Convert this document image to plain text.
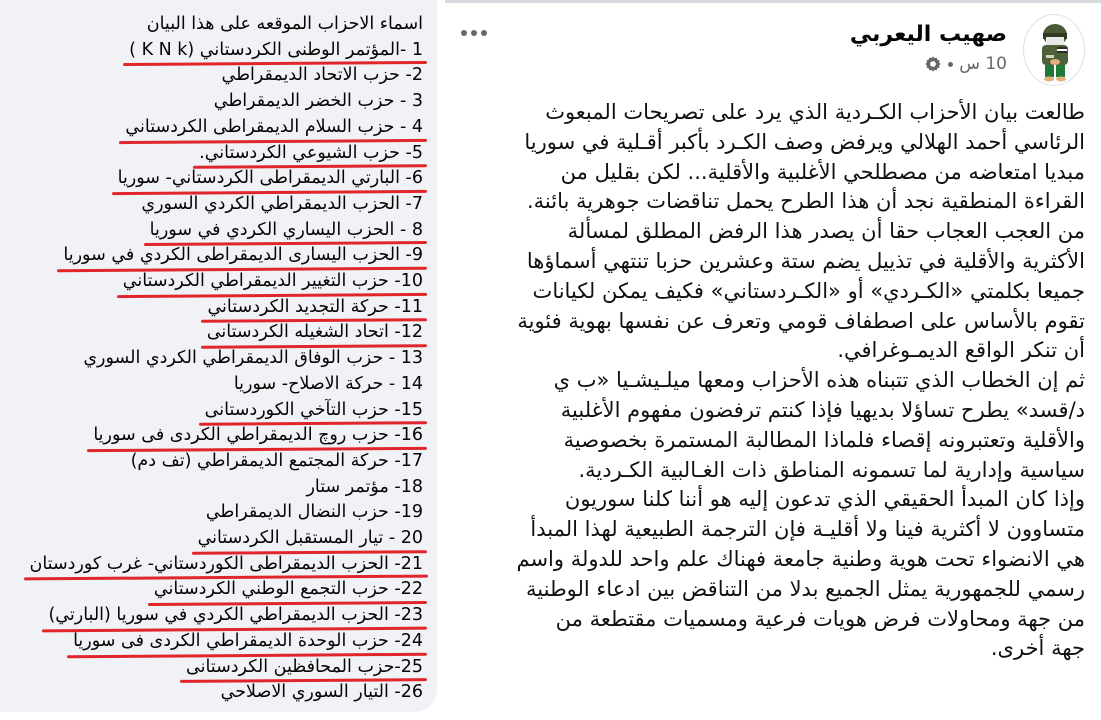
اسماء الاحزاب الموقعه على هذا البيان
1 -المؤتمر الوطنى الكردستاني (K N k )
2- حزب الاتحاد الديمقراطي
3 - حزب الخضر الديمقراطي
4 - حزب السلام الديمقراطى الكردستاني
5- حزب الشيوعي الكردستاني.
6- البارتي الديمقراطى الكردستاني- سوريا
7- الحزب الديمقراطي الكردي السوري
8 - الحزب اليساري الكردي في سوريا
9- الحزب اليسارى الديمقراطى الكردي في سوريا
10- حزب التغيير الديمقراطي الكردستاني
11- حركة التجديد الكردستاني
12- اتحاد الشغيله الكردستانى
13 - حزب الوفاق الديمقراطي الكردي السوري
14 - حركة الاصلاح- سوريا
15- حزب التآخي الكوردستانى
16- حزب روچ الديمقراطي الكردى فى سوريا
17- حركة المجتمع الديمقراطي (تف دم)
18- مؤتمر ستار
19- حزب النضال الديمقراطي
20 - تيار المستقبل الكردستاني
21- الحزب الديمقراطى الكوردستاني- غرب كوردستان
22- حزب التجمع الوطني الكردستاني
23- الحزب الديمقراطي الكردي في سوريا (البارتي)
24- حزب الوحدة الديمقراطي الكردى فى سوريا
25-حزب المحافظين الكردستانى
26- التيار السوري الاصلاحي
صهيب اليعربي
10 س

طالعت بيان الأحزاب الكـردية الذي يرد على تصريحات المبعوث

الرئاسي أحمد الهلالي ويرفض وصف الكـرد بأكبر أقـلية في سوريا

مبديا امتعاضه من مصطلحي الأغلبية والأقلية... لكن بقليل من

القراءة المنطقية نجد أن هذا الطرح يحمل تناقضات جوهرية بائنة.

من العجب العجاب حقا أن يصدر هذا الرفض المطلق لمسألة

الأكثرية والأقلية في تذييل يضم ستة وعشرين حزبا تنتهي أسماؤها

جميعا بكلمتي «الكـردي» أو «الكـردستاني» فكيف يمكن لكيانات

تقوم بالأساس على اصطفاف قومي وتعرف عن نفسها بهوية فئوية

أن تنكر الواقع الديمـوغرافي.

ثم إن الخطاب الذي تتبناه هذه الأحزاب ومعها ميلـيشـيا «ب ي

د/قسد» يطرح تساؤلا بديهيا فإذا كنتم ترفضون مفهوم الأغلبية

والأقلية وتعتبرونه إقصاء فلماذا المطالبة المستمرة بخصوصية

سياسية وإدارية لما تسمونه المناطق ذات الغـالبية الكـردية.

وإذا كان المبدأ الحقيقي الذي تدعون إليه هو أننا كلنا سوريون

متساوون لا أكثرية فينا ولا أقليـة فإن الترجمة الطبيعية لهذا المبدأ

هي الانضواء تحت هوية وطنية جامعة فهناك علم واحد للدولة واسم

رسمي للجمهورية يمثل الجميع بدلا من التناقض بين ادعاء الوطنية

من جهة ومحاولات فرض هويات فرعية ومسميات مقتطعة من

جهة أخرى.
